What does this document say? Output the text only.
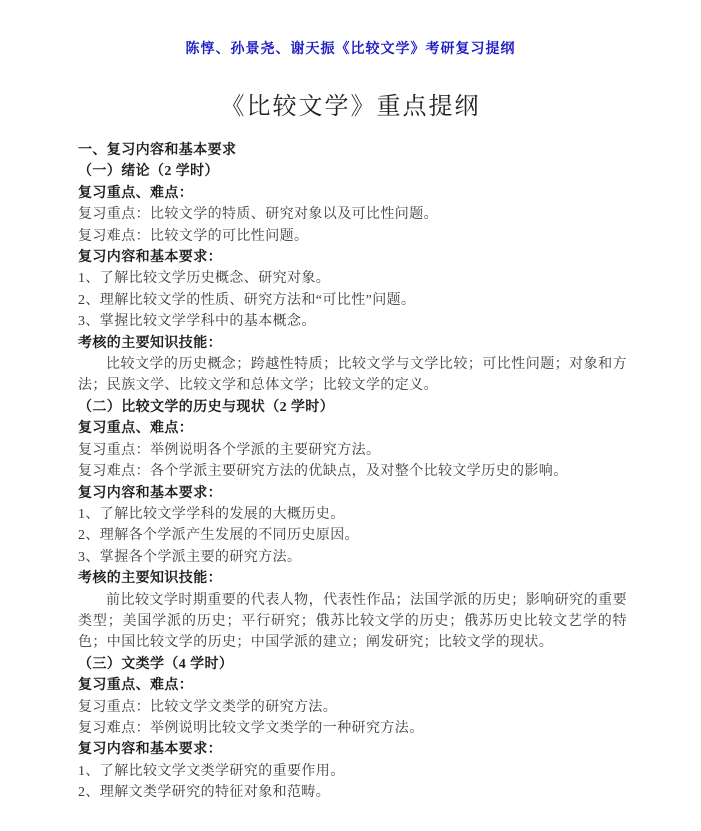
陈惇、孙景尧、谢天振《比较文学》考研复习提纲
《比较文学》重点提纲

一、复习内容和基本要求

（一）绪论（2 学时）

复习重点、难点：

复习重点：比较文学的特质、研究对象以及可比性问题。

复习难点：比较文学的可比性问题。

复习内容和基本要求：

1、了解比较文学历史概念、研究对象。

2、理解比较文学的性质、研究方法和“可比性”问题。

3、掌握比较文学学科中的基本概念。

考核的主要知识技能：

比较文学的历史概念；跨越性特质；比较文学与文学比较；可比性问题；对象和方法；民族文学、比较文学和总体文学；比较文学的定义。

（二）比较文学的历史与现状（2 学时）

复习重点、难点：

复习重点：举例说明各个学派的主要研究方法。

复习难点：各个学派主要研究方法的优缺点，及对整个比较文学历史的影响。

复习内容和基本要求：

1、了解比较文学学科的发展的大概历史。

2、理解各个学派产生发展的不同历史原因。

3、掌握各个学派主要的研究方法。

考核的主要知识技能：

前比较文学时期重要的代表人物，代表性作品；法国学派的历史；影响研究的重要类型；美国学派的历史；平行研究；俄苏比较文学的历史；俄苏历史比较文艺学的特色；中国比较文学的历史；中国学派的建立；阐发研究；比较文学的现状。

（三）文类学（4 学时）

复习重点、难点：

复习重点：比较文学文类学的研究方法。

复习难点：举例说明比较文学文类学的一种研究方法。

复习内容和基本要求：

1、了解比较文学文类学研究的重要作用。

2、理解文类学研究的特征对象和范畴。
